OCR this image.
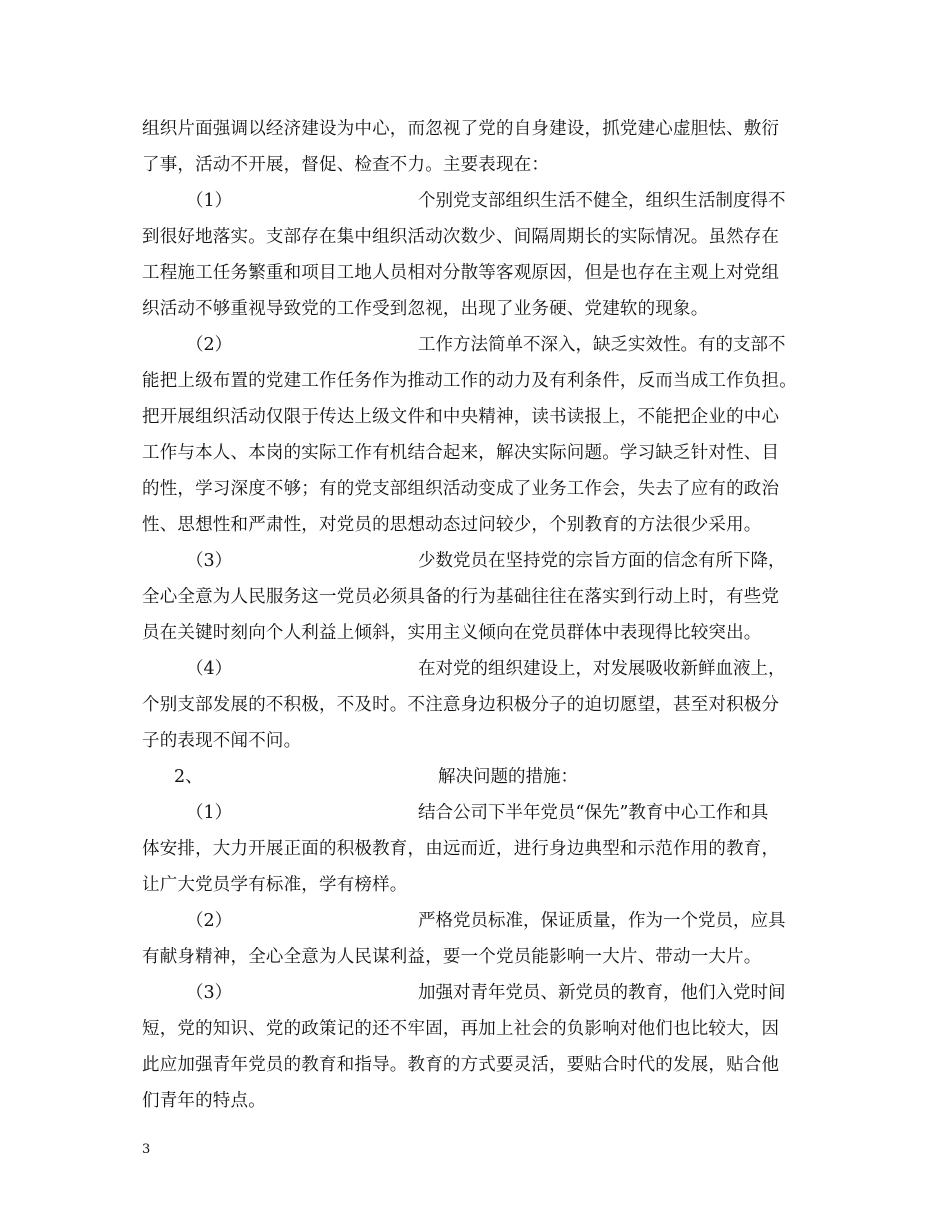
组织片面强调以经济建设为中心，而忽视了党的自身建设，抓党建心虚胆怯、敷衍
了事，活动不开展，督促、检查不力。主要表现在：
（1）	个别党支部组织生活不健全，组织生活制度得不
到很好地落实。支部存在集中组织活动次数少、间隔周期长的实际情况。虽然存在
工程施工任务繁重和项目工地人员相对分散等客观原因，但是也存在主观上对党组
织活动不够重视导致党的工作受到忽视，出现了业务硬、党建软的现象。
（2）	工作方法简单不深入，缺乏实效性。有的支部不
能把上级布置的党建工作任务作为推动工作的动力及有利条件，反而当成工作负担。
把开展组织活动仅限于传达上级文件和中央精神，读书读报上，不能把企业的中心
工作与本人、本岗的实际工作有机结合起来，解决实际问题。学习缺乏针对性、目
的性，学习深度不够；有的党支部组织活动变成了业务工作会，失去了应有的政治
性、思想性和严肃性，对党员的思想动态过问较少，个别教育的方法很少采用。
（3）	少数党员在坚持党的宗旨方面的信念有所下降，
全心全意为人民服务这一党员必须具备的行为基础往往在落实到行动上时，有些党
员在关键时刻向个人利益上倾斜，实用主义倾向在党员群体中表现得比较突出。
（4）	在对党的组织建设上，对发展吸收新鲜血液上，
个别支部发展的不积极，不及时。不注意身边积极分子的迫切愿望，甚至对积极分
子的表现不闻不问。
2、	解决问题的措施：
（1）	结合公司下半年党员“保先”教育中心工作和具
体安排，大力开展正面的积极教育，由远而近，进行身边典型和示范作用的教育，
让广大党员学有标准，学有榜样。
（2）	严格党员标准，保证质量，作为一个党员，应具
有献身精神，全心全意为人民谋利益，要一个党员能影响一大片、带动一大片。
（3）	加强对青年党员、新党员的教育，他们入党时间
短，党的知识、党的政策记的还不牢固，再加上社会的负影响对他们也比较大，因
此应加强青年党员的教育和指导。教育的方式要灵活，要贴合时代的发展，贴合他
们青年的特点。
3
